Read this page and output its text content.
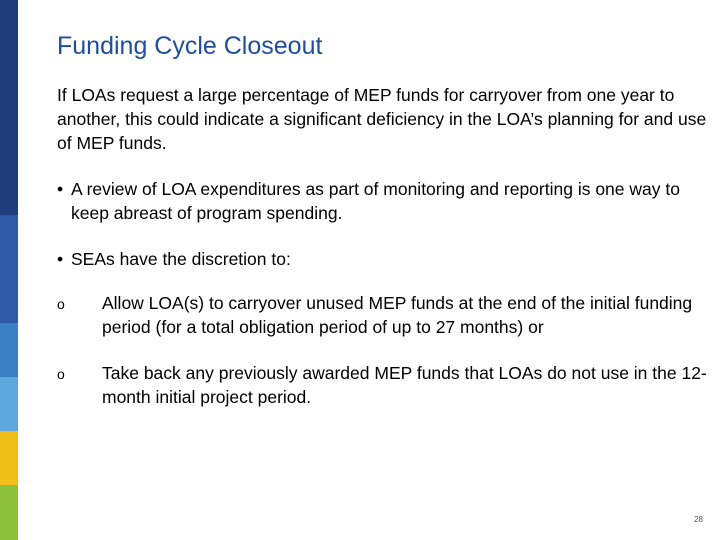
Funding Cycle Closeout

If LOAs request a large percentage of MEP funds for carryover from one year to another, this could indicate a significant deficiency in the LOA’s planning for and use of MEP funds.

• A review of LOA expenditures as part of monitoring and reporting is one way to keep abreast of program spending.
• SEAs have the discretion to:
o Allow LOA(s) to carryover unused MEP funds at the end of the initial funding period (for a total obligation period of up to 27 months) or
o Take back any previously awarded MEP funds that LOAs do not use in the 12-month initial project period.
28
